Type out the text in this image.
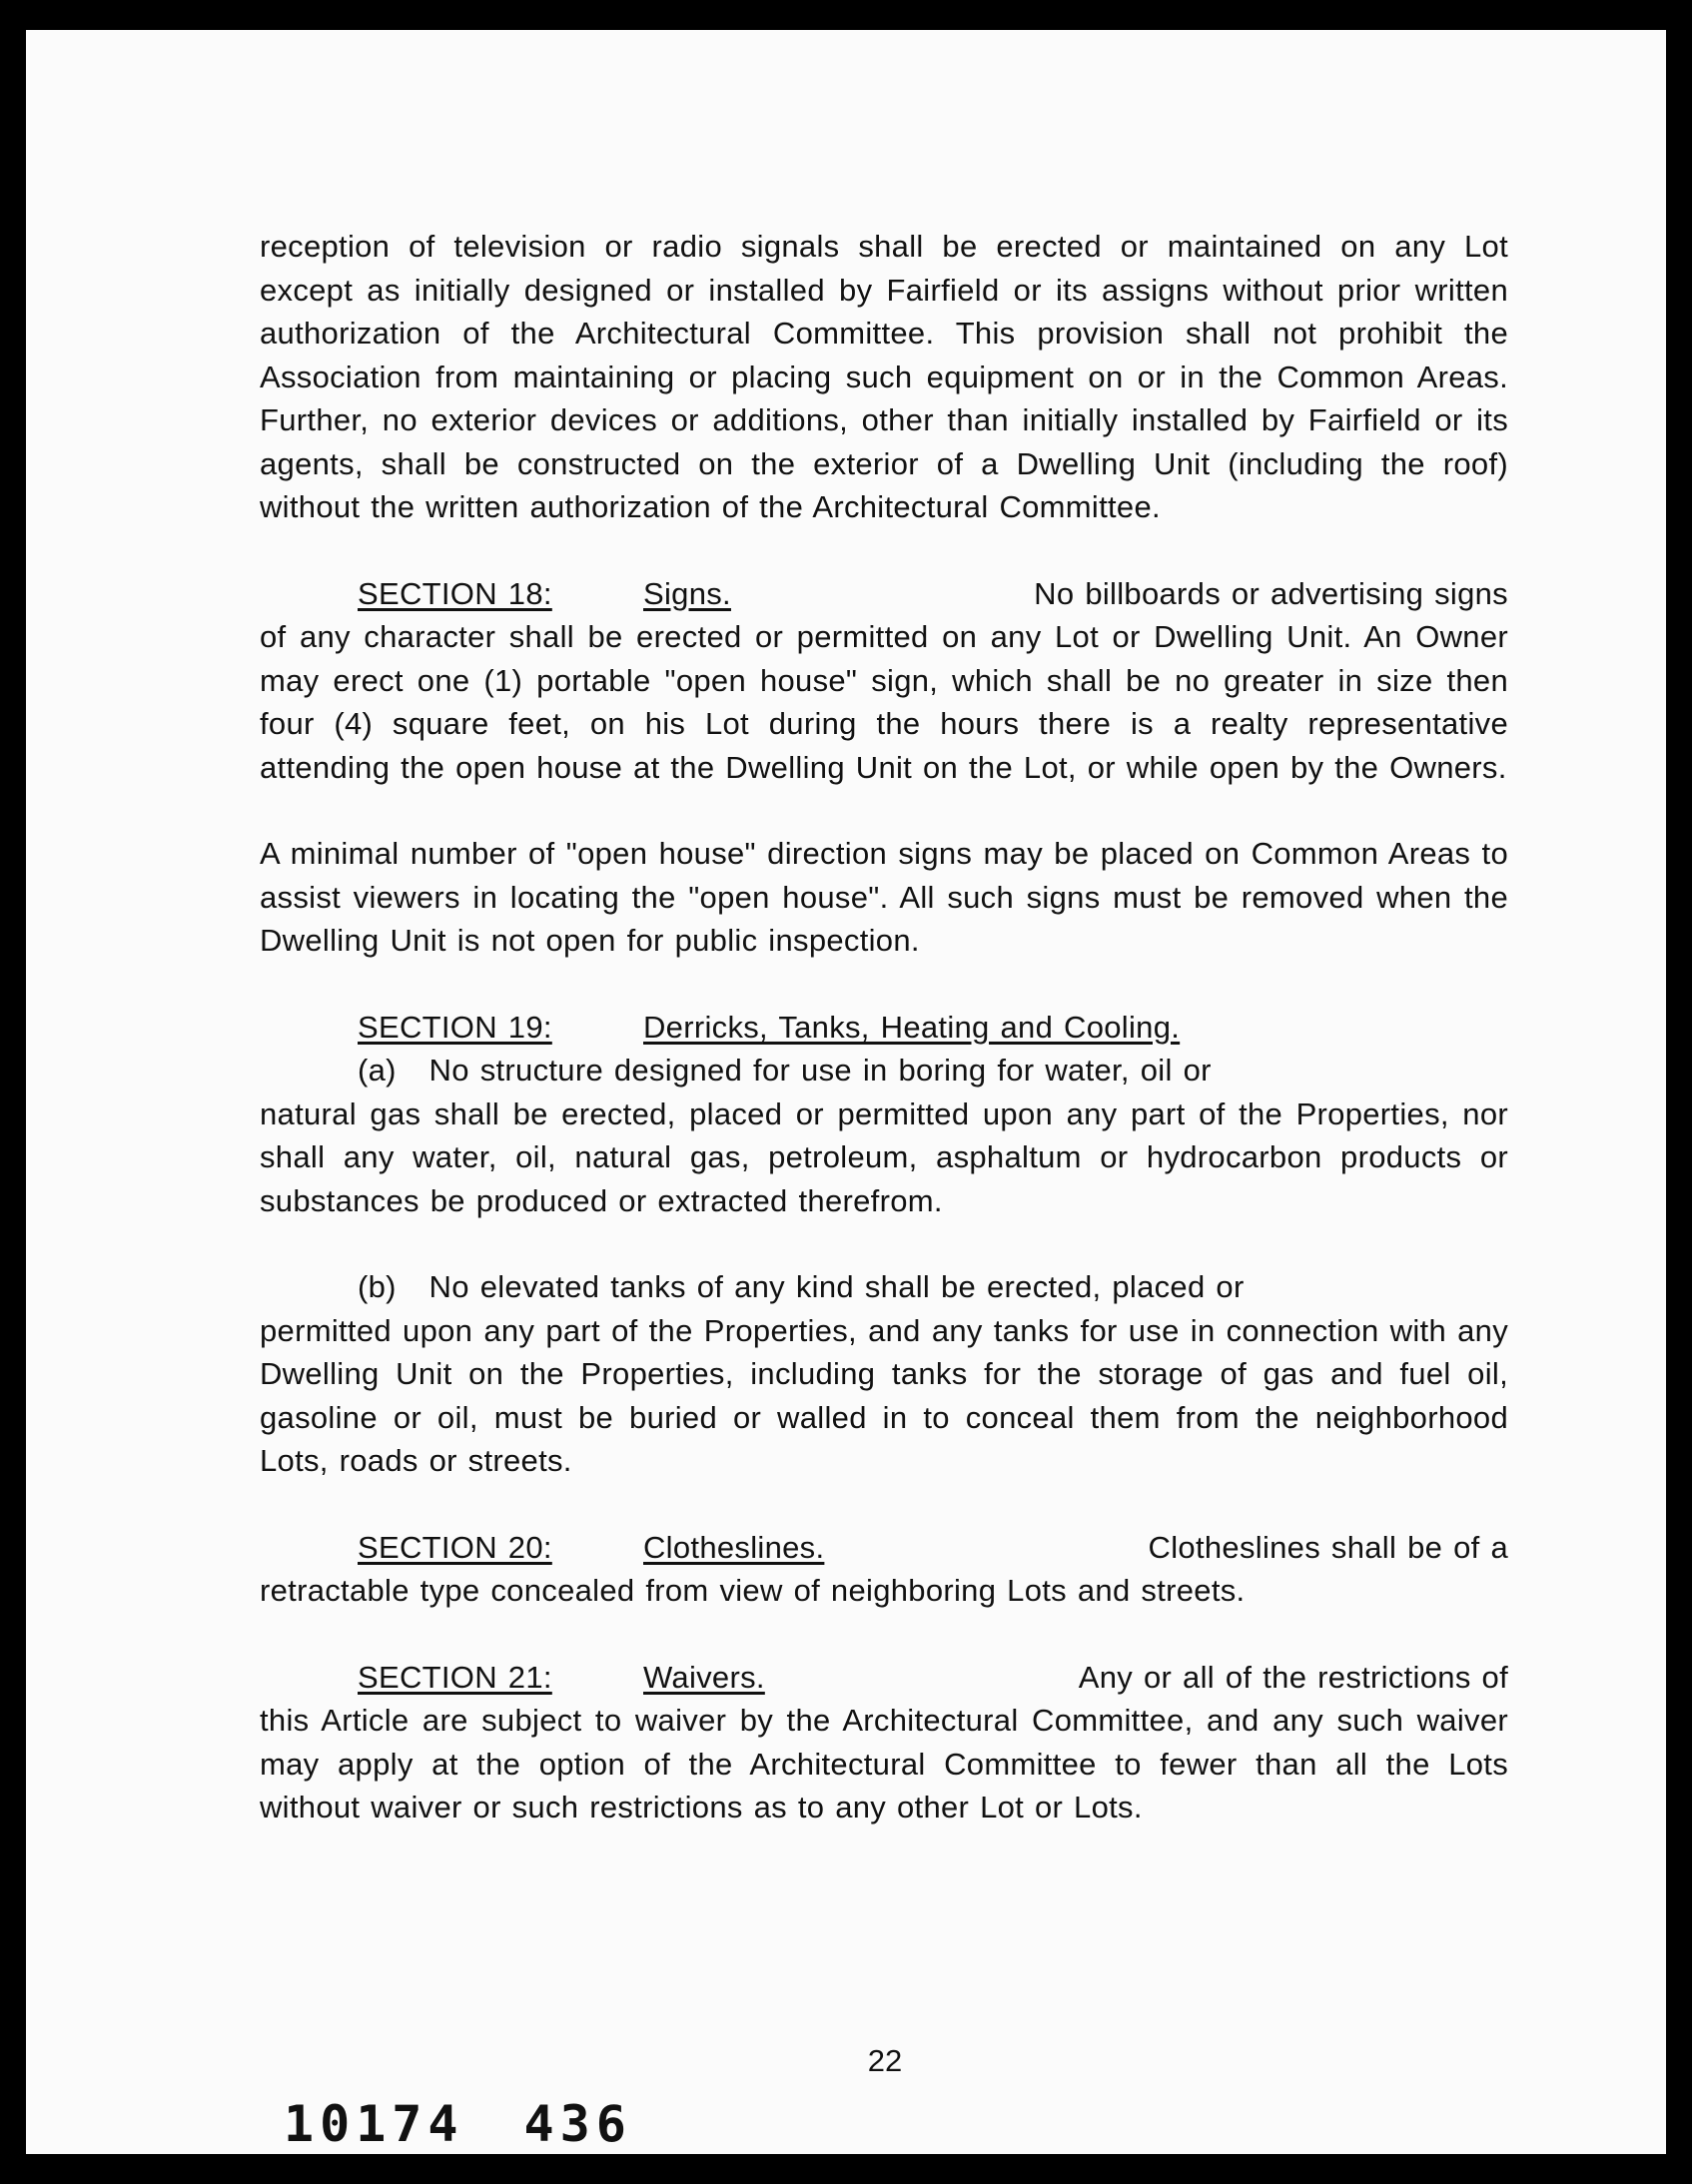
reception of television or radio signals shall be erected or maintained on any Lot except as initially designed or installed by Fairfield or its assigns without prior written authorization of the Architectural Committee. This provision shall not prohibit the Association from maintaining or placing such equipment on or in the Common Areas. Further, no exterior devices or additions, other than initially installed by Fairfield or its agents, shall be constructed on the exterior of a Dwelling Unit (including the roof) without the written authorization of the Architectural Committee.

SECTION 18:	Signs.	No billboards or advertising signs

of any character shall be erected or permitted on any Lot or Dwelling Unit. An Owner may erect one (1) portable "open house" sign, which shall be no greater in size then four (4) square feet, on his Lot during the hours there is a realty representative attending the open house at the Dwelling Unit on the Lot, or while open by the Owners.

A minimal number of "open house" direction signs may be placed on Common Areas to assist viewers in locating the "open house". All such signs must be removed when the Dwelling Unit is not open for public inspection.

SECTION 19:	Derricks, Tanks, Heating and Cooling.
(a) No structure designed for use in boring for water, oil or

natural gas shall be erected, placed or permitted upon any part of the Properties, nor shall any water, oil, natural gas, petroleum, asphaltum or hydrocarbon products or substances be produced or extracted therefrom.

(b) No elevated tanks of any kind shall be erected, placed or

permitted upon any part of the Properties, and any tanks for use in connection with any Dwelling Unit on the Properties, including tanks for the storage of gas and fuel oil, gasoline or oil, must be buried or walled in to conceal them from the neighborhood Lots, roads or streets.

SECTION 20:	Clotheslines.	Clotheslines shall be of a

retractable type concealed from view of neighboring Lots and streets.

SECTION 21:	Waivers.	Any or all of the restrictions of

this Article are subject to waiver by the Architectural Committee, and any such waiver may apply at the option of the Architectural Committee to fewer than all the Lots without waiver or such restrictions as to any other Lot or Lots.

22
10174 436
